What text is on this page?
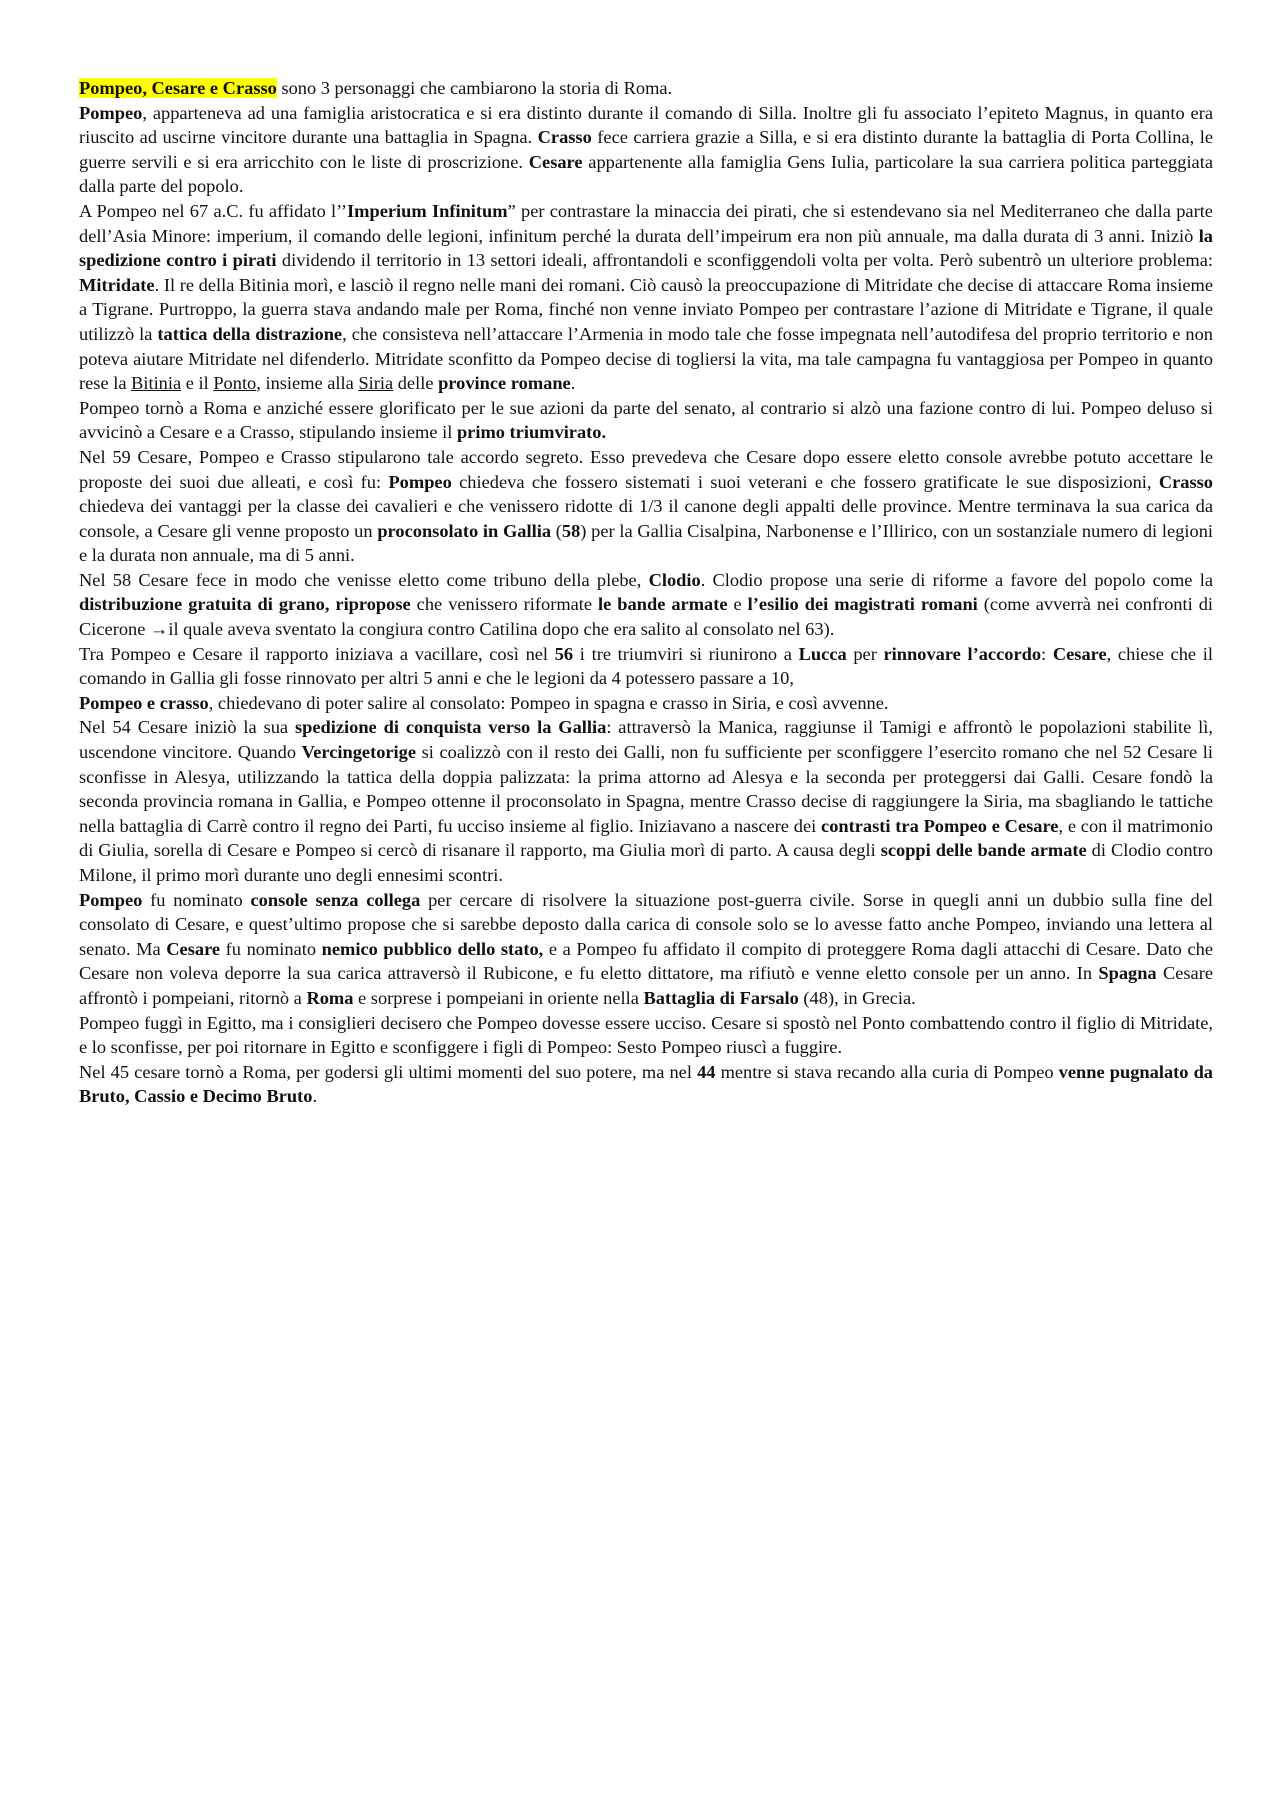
Pompeo, Cesare e Crasso sono 3 personaggi che cambiarono la storia di Roma.
Pompeo, apparteneva ad una famiglia aristocratica e si era distinto durante il comando di Silla. Inoltre gli fu associato l’epiteto Magnus, in quanto era riuscito ad uscirne vincitore durante una battaglia in Spagna. Crasso fece carriera grazie a Silla, e si era distinto durante la battaglia di Porta Collina, le guerre servili e si era arricchito con le liste di proscrizione. Cesare appartenente alla famiglia Gens Iulia, particolare la sua carriera politica parteggiata dalla parte del popolo.
A Pompeo nel 67 a.C. fu affidato l’’Imperium Infinitum” per contrastare la minaccia dei pirati, che si estendevano sia nel Mediterraneo che dalla parte dell’Asia Minore: imperium, il comando delle legioni, infinitum perché la durata dell’impeirum era non più annuale, ma dalla durata di 3 anni. Iniziò la spedizione contro i pirati dividendo il territorio in 13 settori ideali, affrontandoli e sconfiggendoli volta per volta. Però subentrò un ulteriore problema: Mitridate. Il re della Bitinia morì, e lasciò il regno nelle mani dei romani. Ciò causò la preoccupazione di Mitridate che decise di attaccare Roma insieme a Tigrane. Purtroppo, la guerra stava andando male per Roma, finché non venne inviato Pompeo per contrastare l’azione di Mitridate e Tigrane, il quale utilizzò la tattica della distrazione, che consisteva nell’attaccare l’Armenia in modo tale che fosse impegnata nell’autodifesa del proprio territorio e non poteva aiutare Mitridate nel difenderlo. Mitridate sconfitto da Pompeo decise di togliersi la vita, ma tale campagna fu vantaggiosa per Pompeo in quanto rese la Bitinia e il Ponto, insieme alla Siria delle province romane.
Pompeo tornò a Roma e anziché essere glorificato per le sue azioni da parte del senato, al contrario si alzò una fazione contro di lui. Pompeo deluso si avvicinò a Cesare e a Crasso, stipulando insieme il primo triumvirato.
Nel 59 Cesare, Pompeo e Crasso stipularono tale accordo segreto. Esso prevedeva che Cesare dopo essere eletto console avrebbe potuto accettare le proposte dei suoi due alleati, e così fu: Pompeo chiedeva che fossero sistemati i suoi veterani e che fossero gratificate le sue disposizioni, Crasso chiedeva dei vantaggi per la classe dei cavalieri e che venissero ridotte di 1/3 il canone degli appalti delle province. Mentre terminava la sua carica da console, a Cesare gli venne proposto un proconsolato in Gallia (58) per la Gallia Cisalpina, Narbonense e l’Illirico, con un sostanziale numero di legioni e la durata non annuale, ma di 5 anni.
Nel 58 Cesare fece in modo che venisse eletto come tribuno della plebe, Clodio. Clodio propose una serie di riforme a favore del popolo come la distribuzione gratuita di grano, ripropose che venissero riformate le bande armate e l’esilio dei magistrati romani (come avverrà nei confronti di Cicerone →il quale aveva sventato la congiura contro Catilina dopo che era salito al consolato nel 63).
Tra Pompeo e Cesare il rapporto iniziava a vacillare, così nel 56 i tre triumviri si riunirono a Lucca per rinnovare l’accordo: Cesare, chiese che il comando in Gallia gli fosse rinnovato per altri 5 anni e che le legioni da 4 potessero passare a 10,
Pompeo e crasso, chiedevano di poter salire al consolato: Pompeo in spagna e crasso in Siria, e così avvenne.
Nel 54 Cesare iniziò la sua spedizione di conquista verso la Gallia: attraversò la Manica, raggiunse il Tamigi e affrontò le popolazioni stabilite lì, uscendone vincitore. Quando Vercingetorige si coalizzò con il resto dei Galli, non fu sufficiente per sconfiggere l’esercito romano che nel 52 Cesare li sconfisse in Alesya, utilizzando la tattica della doppia palizzata: la prima attorno ad Alesya e la seconda per proteggersi dai Galli. Cesare fondò la seconda provincia romana in Gallia, e Pompeo ottenne il proconsolato in Spagna, mentre Crasso decise di raggiungere la Siria, ma sbagliando le tattiche nella battaglia di Carrè contro il regno dei Parti, fu ucciso insieme al figlio. Iniziavano a nascere dei contrasti tra Pompeo e Cesare, e con il matrimonio di Giulia, sorella di Cesare e Pompeo si cercò di risanare il rapporto, ma Giulia morì di parto. A causa degli scoppi delle bande armate di Clodio contro Milone, il primo morì durante uno degli ennesimi scontri.
Pompeo fu nominato console senza collega per cercare di risolvere la situazione post-guerra civile. Sorse in quegli anni un dubbio sulla fine del consolato di Cesare, e quest’ultimo propose che si sarebbe deposto dalla carica di console solo se lo avesse fatto anche Pompeo, inviando una lettera al senato. Ma Cesare fu nominato nemico pubblico dello stato, e a Pompeo fu affidato il compito di proteggere Roma dagli attacchi di Cesare. Dato che Cesare non voleva deporre la sua carica attraversò il Rubicone, e fu eletto dittatore, ma rifiutò e venne eletto console per un anno. In Spagna Cesare affrontò i pompeiani, ritornò a Roma e sorprese i pompeiani in oriente nella Battaglia di Farsalo (48), in Grecia.
Pompeo fuggì in Egitto, ma i consiglieri decisero che Pompeo dovesse essere ucciso. Cesare si spostò nel Ponto combattendo contro il figlio di Mitridate, e lo sconfisse, per poi ritornare in Egitto e sconfiggere i figli di Pompeo: Sesto Pompeo riuscì a fuggire.
Nel 45 cesare tornò a Roma, per godersi gli ultimi momenti del suo potere, ma nel 44 mentre si stava recando alla curia di Pompeo venne pugnalato da Bruto, Cassio e Decimo Bruto.
